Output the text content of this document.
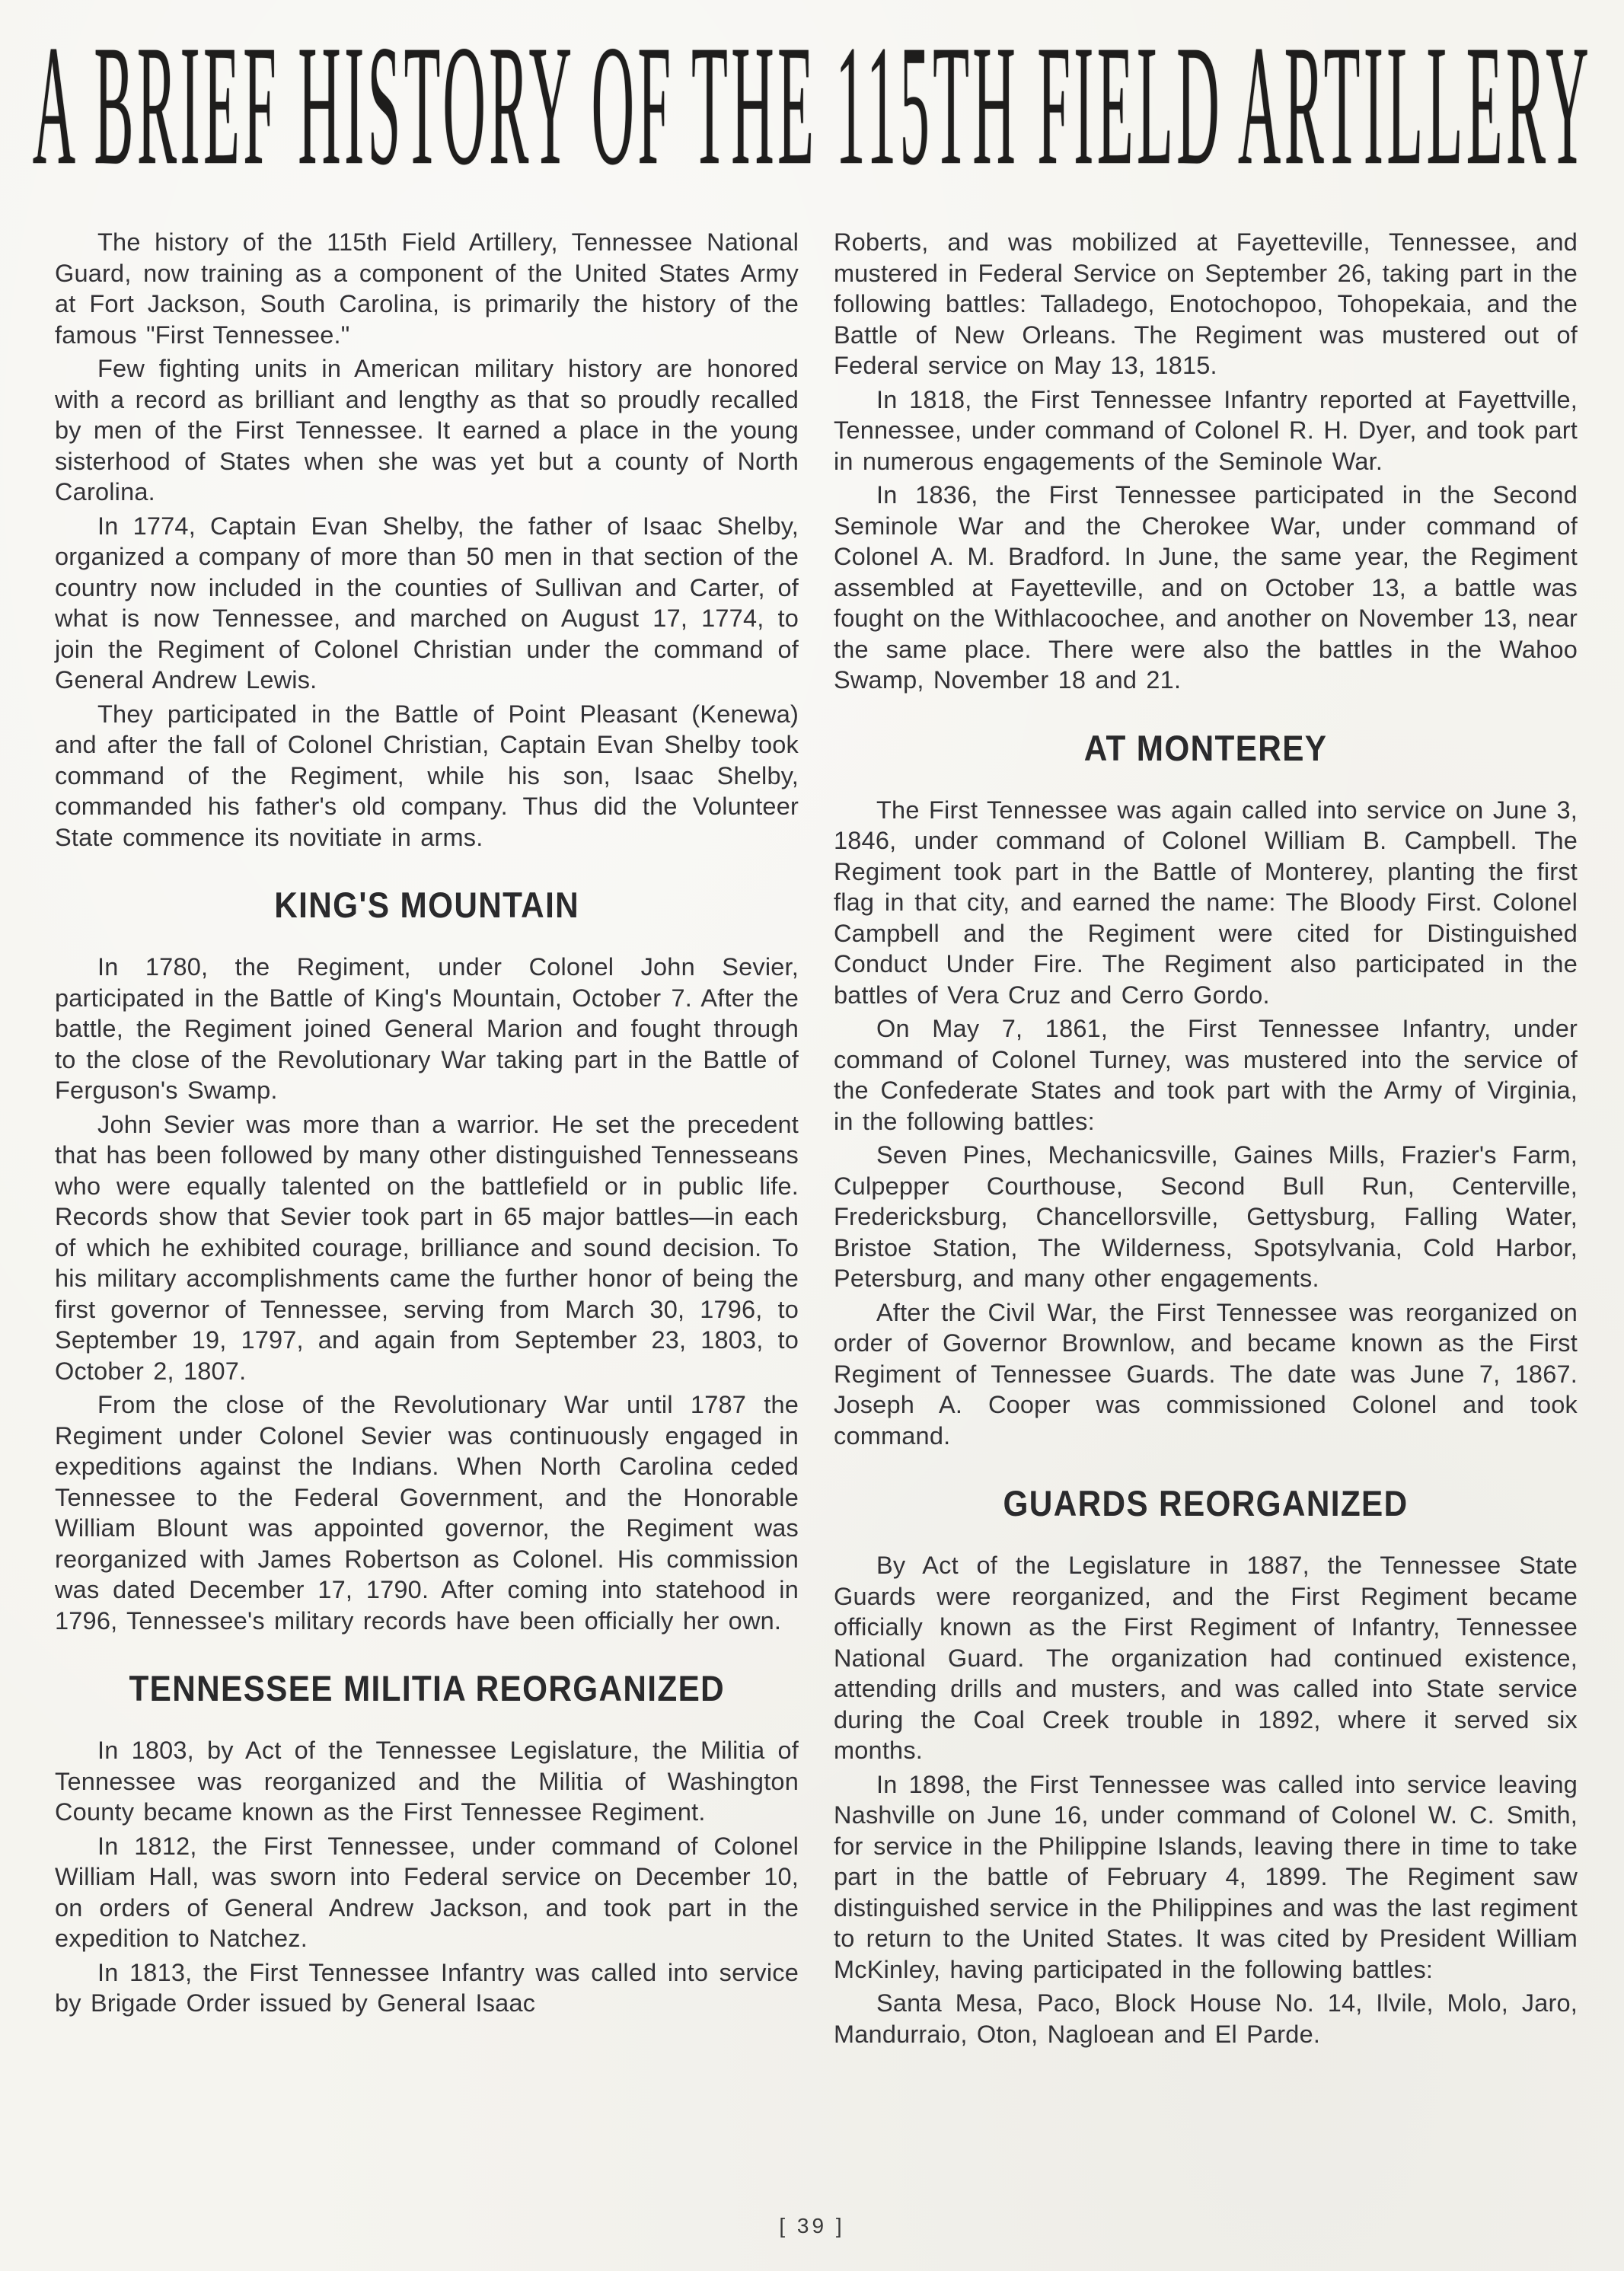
A BRIEF HISTORY OF THE 115TH FIELD ARTILLERY

The history of the 115th Field Artillery, Tennessee National Guard, now training as a component of the United States Army at Fort Jackson, South Carolina, is primarily the history of the famous "First Tennessee."

Few fighting units in American military history are honored with a record as brilliant and lengthy as that so proudly recalled by men of the First Tennessee. It earned a place in the young sisterhood of States when she was yet but a county of North Carolina.

In 1774, Captain Evan Shelby, the father of Isaac Shelby, organized a company of more than 50 men in that section of the country now included in the counties of Sullivan and Carter, of what is now Tennessee, and marched on August 17, 1774, to join the Regiment of Colonel Christian under the command of General Andrew Lewis.

They participated in the Battle of Point Pleasant (Kenewa) and after the fall of Colonel Christian, Captain Evan Shelby took command of the Regiment, while his son, Isaac Shelby, commanded his father's old company. Thus did the Volunteer State commence its novitiate in arms.

KING'S MOUNTAIN

In 1780, the Regiment, under Colonel John Sevier, participated in the Battle of King's Mountain, October 7. After the battle, the Regiment joined General Marion and fought through to the close of the Revolutionary War taking part in the Battle of Ferguson's Swamp.

John Sevier was more than a warrior. He set the precedent that has been followed by many other distinguished Tennesseans who were equally talented on the battlefield or in public life. Records show that Sevier took part in 65 major battles—in each of which he exhibited courage, brilliance and sound decision. To his military accomplishments came the further honor of being the first governor of Tennessee, serving from March 30, 1796, to September 19, 1797, and again from September 23, 1803, to October 2, 1807.

From the close of the Revolutionary War until 1787 the Regiment under Colonel Sevier was continuously engaged in expeditions against the Indians. When North Carolina ceded Tennessee to the Federal Government, and the Honorable William Blount was appointed governor, the Regiment was reorganized with James Robertson as Colonel. His commission was dated December 17, 1790. After coming into statehood in 1796, Tennessee's military records have been officially her own.

TENNESSEE MILITIA REORGANIZED

In 1803, by Act of the Tennessee Legislature, the Militia of Tennessee was reorganized and the Militia of Washington County became known as the First Tennessee Regiment.

In 1812, the First Tennessee, under command of Colonel William Hall, was sworn into Federal service on December 10, on orders of General Andrew Jackson, and took part in the expedition to Natchez.

In 1813, the First Tennessee Infantry was called into service by Brigade Order issued by General Isaac

Roberts, and was mobilized at Fayetteville, Tennessee, and mustered in Federal Service on September 26, taking part in the following battles: Talladego, Enotochopoo, Tohopekaia, and the Battle of New Orleans. The Regiment was mustered out of Federal service on May 13, 1815.

In 1818, the First Tennessee Infantry reported at Fayettville, Tennessee, under command of Colonel R. H. Dyer, and took part in numerous engagements of the Seminole War.

In 1836, the First Tennessee participated in the Second Seminole War and the Cherokee War, under command of Colonel A. M. Bradford. In June, the same year, the Regiment assembled at Fayetteville, and on October 13, a battle was fought on the Withlacoochee, and another on November 13, near the same place. There were also the battles in the Wahoo Swamp, November 18 and 21.

AT MONTEREY

The First Tennessee was again called into service on June 3, 1846, under command of Colonel William B. Campbell. The Regiment took part in the Battle of Monterey, planting the first flag in that city, and earned the name: The Bloody First. Colonel Campbell and the Regiment were cited for Distinguished Conduct Under Fire. The Regiment also participated in the battles of Vera Cruz and Cerro Gordo.

On May 7, 1861, the First Tennessee Infantry, under command of Colonel Turney, was mustered into the service of the Confederate States and took part with the Army of Virginia, in the following battles:

Seven Pines, Mechanicsville, Gaines Mills, Frazier's Farm, Culpepper Courthouse, Second Bull Run, Centerville, Fredericksburg, Chancellorsville, Gettysburg, Falling Water, Bristoe Station, The Wilderness, Spotsylvania, Cold Harbor, Petersburg, and many other engagements.

After the Civil War, the First Tennessee was reorganized on order of Governor Brownlow, and became known as the First Regiment of Tennessee Guards. The date was June 7, 1867. Joseph A. Cooper was commissioned Colonel and took command.

GUARDS REORGANIZED

By Act of the Legislature in 1887, the Tennessee State Guards were reorganized, and the First Regiment became officially known as the First Regiment of Infantry, Tennessee National Guard. The organization had continued existence, attending drills and musters, and was called into State service during the Coal Creek trouble in 1892, where it served six months.

In 1898, the First Tennessee was called into service leaving Nashville on June 16, under command of Colonel W. C. Smith, for service in the Philippine Islands, leaving there in time to take part in the battle of February 4, 1899. The Regiment saw distinguished service in the Philippines and was the last regiment to return to the United States. It was cited by President William McKinley, having participated in the following battles:

Santa Mesa, Paco, Block House No. 14, Ilvile, Molo, Jaro, Mandurraio, Oton, Nagloean and El Parde.

[ 39 ]
